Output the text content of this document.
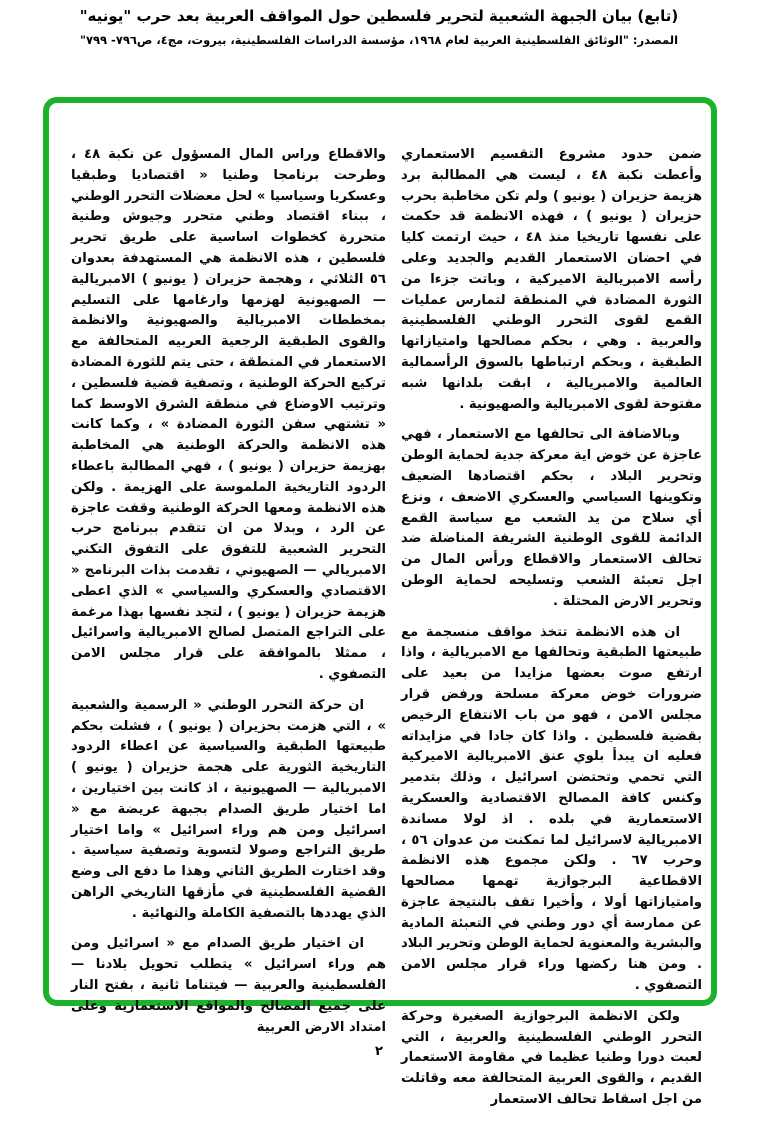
(تابع) بيان الجبهة الشعبية لتحرير فلسطين حول المواقف العربية بعد حرب "يونيه"
المصدر: "الوثائق الفلسطينية العربية لعام ١٩٦٨، مؤسسة الدراسات الفلسطينية، بيروت، مج٤، ص٧٩٦- ٧٩٩"

ضمن حدود مشروع التقسيم الاستعماري وأعطت نكبة ٤٨ ، ليست هي المطالبة برد هزيمة حزيران ( يونيو ) ولم تكن مخاطبة بحرب حزيران ( يونيو ) ، فهذه الانظمة قد حكمت على نفسها تاريخيا منذ ٤٨ ، حيث ارتمت كليا في احضان الاستعمار القديم والجديد وعلى رأسه الامبريالية الاميركية ، وباتت جزءا من الثورة المضادة في المنطقة لتمارس عمليات القمع لقوى التحرر الوطني الفلسطينية والعربية . وهي ، بحكم مصالحها وامتيازاتها الطبقية ، وبحكم ارتباطها بالسوق الرأسمالية العالمية والامبريالية ، ابقت بلدانها شبه مفتوحة لقوى الامبريالية والصهيونية .

وبالاضافة الى تحالفها مع الاستعمار ، فهي عاجزة عن خوض اية معركة جدية لحماية الوطن وتحرير البلاد ، بحكم اقتصادها الضعيف وتكوينها السياسي والعسكري الاضعف ، ونزع أي سلاح من يد الشعب مع سياسة القمع الدائمة للقوى الوطنية الشريفة المناضلة ضد تحالف الاستعمار والاقطاع ورأس المال من اجل تعبئة الشعب وتسليحه لحماية الوطن وتحرير الارض المحتلة .

ان هذه الانظمة تتخذ مواقف منسجمة مع طبيعتها الطبقية وتحالفها مع الامبريالية ، واذا ارتفع صوت بعضها مزايدا من بعيد على ضرورات خوض معركة مسلحة ورفض قرار مجلس الامن ، فهو من باب الانتفاع الرخيص بقضية فلسطين . واذا كان جادا في مزايداته فعليه ان يبدأ بلوي عنق الامبريالية الاميركية التي تحمي وتحتضن اسرائيل ، وذلك بتدمير وكنس كافة المصالح الاقتصادية والعسكرية الاستعمارية في بلده . اذ لولا مساندة الامبريالية لاسرائيل لما تمكنت من عدوان ٥٦ ، وحرب ٦٧ . ولكن مجموع هذه الانظمة الاقطاعية البرجوازية تهمها مصالحها وامتيازاتها أولا ، وأخيرا تقف بالنتيجة عاجزة عن ممارسة أي دور وطني في التعبئة المادية والبشرية والمعنوية لحماية الوطن وتحرير البلاد . ومن هنا ركضها وراء قرار مجلس الامن التصفوي .

ولكن الانظمة البرجوازية الصغيرة وحركة التحرر الوطني الفلسطينية والعربية ، التي لعبت دورا وطنيا عظيما في مقاومة الاستعمار القديم ، والقوى العربية المتحالفة معه وقاتلت من اجل اسقاط تحالف الاستعمار

والاقطاع وراس المال المسؤول عن نكبة ٤٨ ، وطرحت برنامجا وطنيا « اقتصاديا وطبقيا وعسكريا وسياسيا » لحل معضلات التحرر الوطني ، ببناء اقتصاد وطني متحرر وجيوش وطنية متحررة كخطوات اساسية على طريق تحرير فلسطين ، هذه الانظمة هي المستهدفة بعدوان ٥٦ الثلاثي ، وهجمة حزيران ( يونيو ) الامبريالية — الصهيونية لهزمها وارغامها على التسليم بمخططات الامبريالية والصهيونية والانظمة والقوى الطبقية الرجعية العربيه المتحالفة مع الاستعمار في المنطقة ، حتى يتم للثورة المضادة تركيع الحركة الوطنية ، وتصفية قضية فلسطين ، وترتيب الاوضاع في منطقة الشرق الاوسط كما « تشتهي سفن الثورة المضادة » ، وكما كانت هذه الانظمة والحركة الوطنية هي المخاطبة بهزيمة حزيران ( يونيو ) ، فهي المطالبة باعطاء الردود التاريخية الملموسة على الهزيمة . ولكن هذه الانظمة ومعها الحركة الوطنية وقفت عاجزة عن الرد ، وبدلا من ان تتقدم ببرنامج حرب التحرير الشعبية للتفوق على التفوق التكني الامبريالي — الصهيوني ، تقدمت بذات البرنامج « الاقتصادي والعسكري والسياسي » الذي اعطى هزيمة حزيران ( يونيو ) ، لتجد نفسها بهذا مرغمة على التراجع المتصل لصالح الامبريالية واسرائيل ، ممثلا بالموافقة على قرار مجلس الامن التصفوي .

ان حركة التحرر الوطني « الرسمية والشعبية » ، التي هزمت بحزيران ( يونيو ) ، فشلت بحكم طبيعتها الطبقية والسياسية عن اعطاء الردود التاريخية الثورية على هجمة حزيران ( يونيو ) الامبريالية — الصهيونية ، اذ كانت بين اختيارين ، اما اختيار طريق الصدام بجبهة عريضة مع « اسرائيل ومن هم وراء اسرائيل » واما اختيار طريق التراجع وصولا لتسوية وتصفية سياسية . وقد اختارت الطريق الثاني وهذا ما دفع الى وضع القضية الفلسطينية في مأزقها التاريخي الراهن الذي يهددها بالتصفية الكاملة والنهائية .

ان اختيار طريق الصدام مع « اسرائيل ومن هم وراء اسرائيل » يتطلب تحويل بلادنا — الفلسطينية والعربية — فيتناما ثانية ، بفتح النار على جميع المصالح والمواقع الاستعمارية وعلى امتداد الارض العربية

٢
